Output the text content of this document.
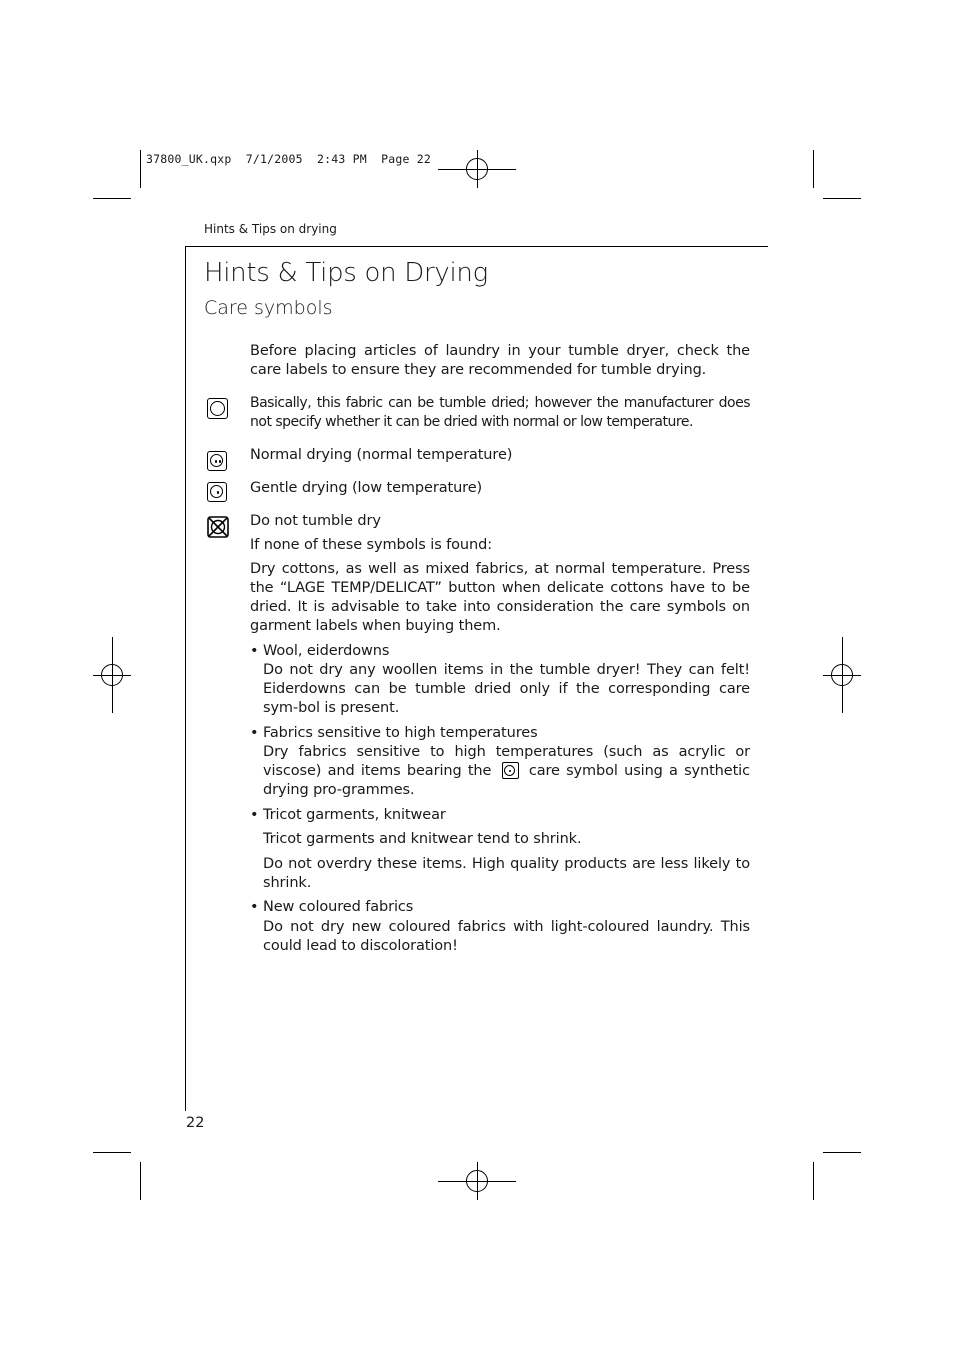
37800_UK.qxp  7/1/2005  2:43 PM  Page 22
Hints & Tips on drying
Hints & Tips on Drying
Care symbols
Before placing articles of laundry in your tumble dryer, check the care labels to ensure they are recommended for tumble drying.
Basically, this fabric can be tumble dried; however the manufacturer does not specify whether it can be dried with normal or low temperature.
Normal drying (normal temperature)
Gentle drying (low temperature)
Do not tumble dry
If none of these symbols is found:
Dry cottons, as well as mixed fabrics, at normal temperature. Press the “LAGE TEMP/DELICAT” button when delicate cottons have to be dried. It is advisable to take into consideration the care symbols on garment labels when buying them.
• Wool, eiderdowns
Do not dry any woollen items in the tumble dryer! They can felt! Eiderdowns can be tumble dried only if the corresponding care sym-bol is present.
• Fabrics sensitive to high temperatures
Dry fabrics sensitive to high temperatures (such as acrylic or viscose) and items bearing the	care symbol using a synthetic drying pro-grammes.
• Tricot garments, knitwear
Tricot garments and knitwear tend to shrink.
Do not overdry these items. High quality products are less likely to shrink.
• New coloured fabrics
Do not dry new coloured fabrics with light-coloured laundry. This could lead to discoloration!
22
